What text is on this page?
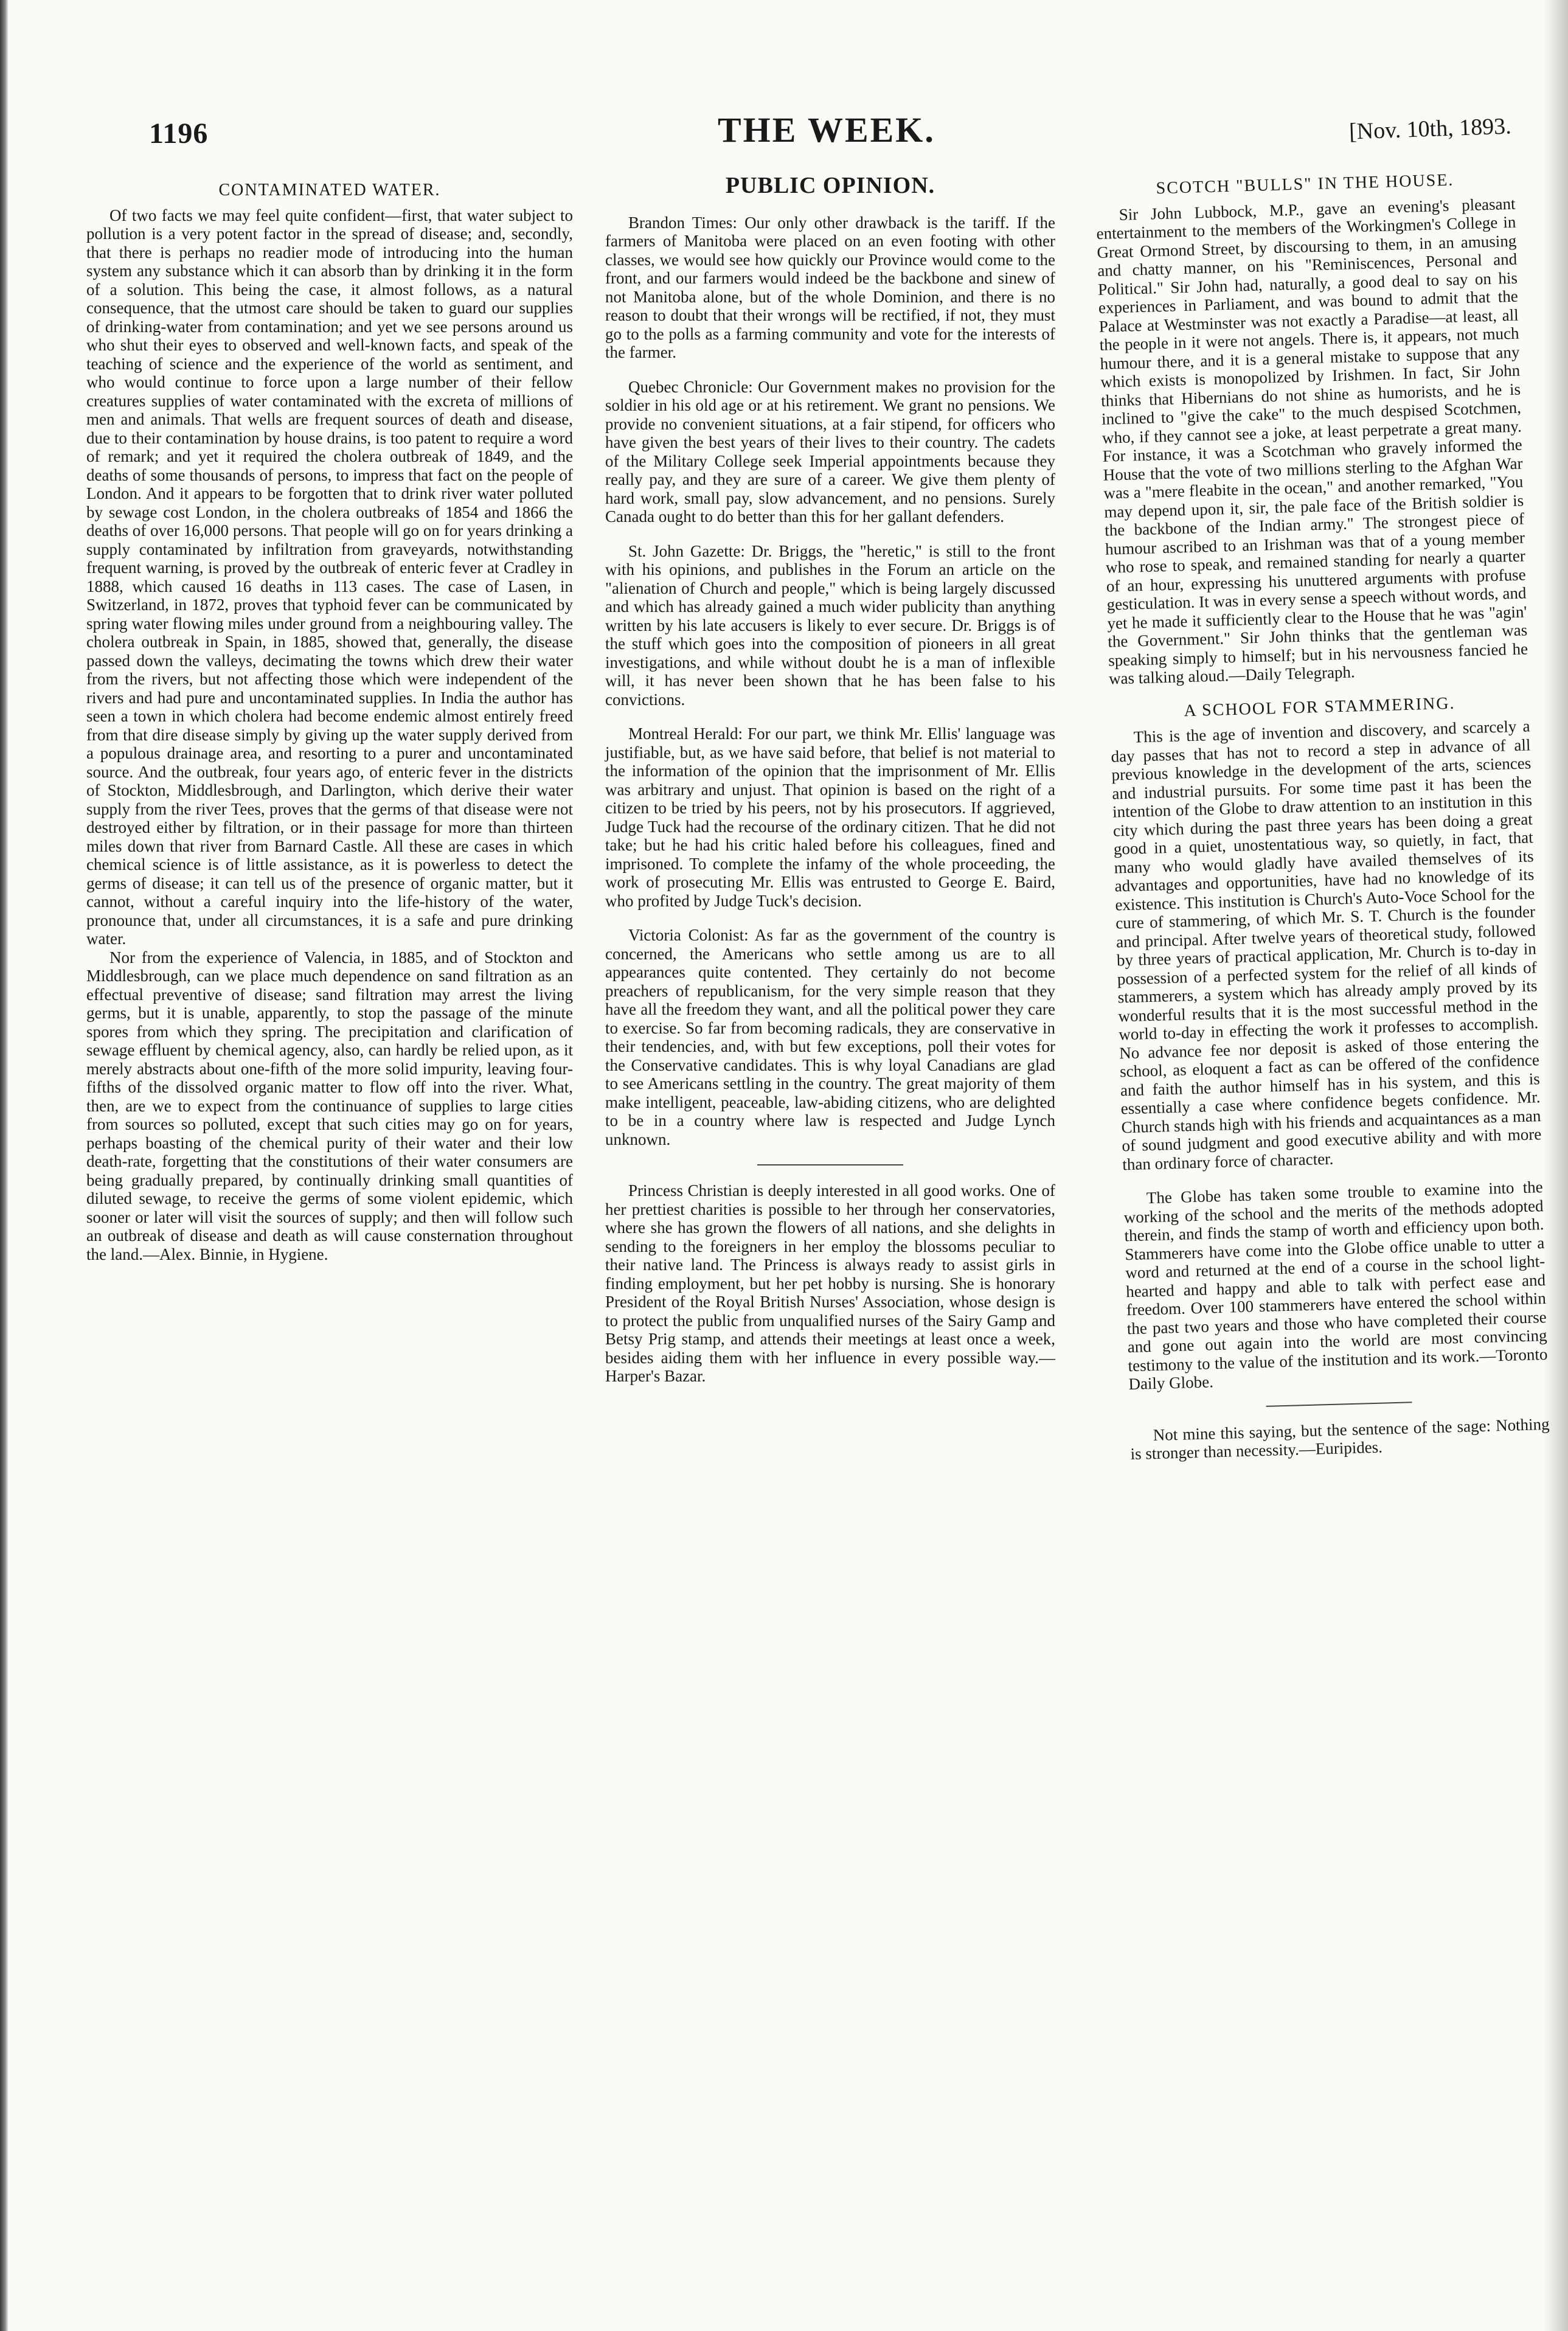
1196	THE WEEK.	[Nov. 10th, 1893.
CONTAMINATED WATER.

Of two facts we may feel quite confident—first, that water subject to pollution is a very potent factor in the spread of disease; and, secondly, that there is perhaps no readier mode of introducing into the human system any substance which it can absorb than by drinking it in the form of a solution. This being the case, it almost follows, as a natural consequence, that the utmost care should be taken to guard our supplies of drinking-water from contamination; and yet we see persons around us who shut their eyes to observed and well-known facts, and speak of the teaching of science and the experience of the world as sentiment, and who would continue to force upon a large number of their fellow creatures supplies of water contaminated with the excreta of millions of men and animals. That wells are frequent sources of death and disease, due to their contamination by house drains, is too patent to require a word of remark; and yet it required the cholera outbreak of 1849, and the deaths of some thousands of persons, to impress that fact on the people of London. And it appears to be forgotten that to drink river water polluted by sewage cost London, in the cholera outbreaks of 1854 and 1866 the deaths of over 16,000 persons. That people will go on for years drinking a supply contaminated by infiltration from graveyards, notwithstanding frequent warning, is proved by the outbreak of enteric fever at Cradley in 1888, which caused 16 deaths in 113 cases. The case of Lasen, in Switzerland, in 1872, proves that typhoid fever can be communicated by spring water flowing miles under ground from a neighbouring valley. The cholera outbreak in Spain, in 1885, showed that, generally, the disease passed down the valleys, decimating the towns which drew their water from the rivers, but not affecting those which were independent of the rivers and had pure and uncontaminated supplies. In India the author has seen a town in which cholera had become endemic almost entirely freed from that dire disease simply by giving up the water supply derived from a populous drainage area, and resorting to a purer and uncontaminated source. And the outbreak, four years ago, of enteric fever in the districts of Stockton, Middlesbrough, and Darlington, which derive their water supply from the river Tees, proves that the germs of that disease were not destroyed either by filtration, or in their passage for more than thirteen miles down that river from Barnard Castle. All these are cases in which chemical science is of little assistance, as it is powerless to detect the germs of disease; it can tell us of the presence of organic matter, but it cannot, without a careful inquiry into the life-history of the water, pronounce that, under all circumstances, it is a safe and pure drinking water.

Nor from the experience of Valencia, in 1885, and of Stockton and Middlesbrough, can we place much dependence on sand filtration as an effectual preventive of disease; sand filtration may arrest the living germs, but it is unable, apparently, to stop the passage of the minute spores from which they spring. The precipitation and clarification of sewage effluent by chemical agency, also, can hardly be relied upon, as it merely abstracts about one-fifth of the more solid impurity, leaving four-fifths of the dissolved organic matter to flow off into the river. What, then, are we to expect from the continuance of supplies to large cities from sources so polluted, except that such cities may go on for years, perhaps boasting of the chemical purity of their water and their low death-rate, forgetting that the constitutions of their water consumers are being gradually prepared, by continually drinking small quantities of diluted sewage, to receive the germs of some violent epidemic, which sooner or later will visit the sources of supply; and then will follow such an outbreak of disease and death as will cause consternation throughout the land.—Alex. Binnie, in Hygiene.

PUBLIC OPINION.

Brandon Times: Our only other drawback is the tariff. If the farmers of Manitoba were placed on an even footing with other classes, we would see how quickly our Province would come to the front, and our farmers would indeed be the backbone and sinew of not Manitoba alone, but of the whole Dominion, and there is no reason to doubt that their wrongs will be rectified, if not, they must go to the polls as a farming community and vote for the interests of the farmer.

Quebec Chronicle: Our Government makes no provision for the soldier in his old age or at his retirement. We grant no pensions. We provide no convenient situations, at a fair stipend, for officers who have given the best years of their lives to their country. The cadets of the Military College seek Imperial appointments because they really pay, and they are sure of a career. We give them plenty of hard work, small pay, slow advancement, and no pensions. Surely Canada ought to do better than this for her gallant defenders.

St. John Gazette: Dr. Briggs, the "heretic," is still to the front with his opinions, and publishes in the Forum an article on the "alienation of Church and people," which is being largely discussed and which has already gained a much wider publicity than anything written by his late accusers is likely to ever secure. Dr. Briggs is of the stuff which goes into the composition of pioneers in all great investigations, and while without doubt he is a man of inflexible will, it has never been shown that he has been false to his convictions.

Montreal Herald: For our part, we think Mr. Ellis' language was justifiable, but, as we have said before, that belief is not material to the information of the opinion that the imprisonment of Mr. Ellis was arbitrary and unjust. That opinion is based on the right of a citizen to be tried by his peers, not by his prosecutors. If aggrieved, Judge Tuck had the recourse of the ordinary citizen. That he did not take; but he had his critic haled before his colleagues, fined and imprisoned. To complete the infamy of the whole proceeding, the work of prosecuting Mr. Ellis was entrusted to George E. Baird, who profited by Judge Tuck's decision.

Victoria Colonist: As far as the government of the country is concerned, the Americans who settle among us are to all appearances quite contented. They certainly do not become preachers of republicanism, for the very simple reason that they have all the freedom they want, and all the political power they care to exercise. So far from becoming radicals, they are conservative in their tendencies, and, with but few exceptions, poll their votes for the Conservative candidates. This is why loyal Canadians are glad to see Americans settling in the country. The great majority of them make intelligent, peaceable, law-abiding citizens, who are delighted to be in a country where law is respected and Judge Lynch unknown.

Princess Christian is deeply interested in all good works. One of her prettiest charities is possible to her through her conservatories, where she has grown the flowers of all nations, and she delights in sending to the foreigners in her employ the blossoms peculiar to their native land. The Princess is always ready to assist girls in finding employment, but her pet hobby is nursing. She is honorary President of the Royal British Nurses' Association, whose design is to protect the public from unqualified nurses of the Sairy Gamp and Betsy Prig stamp, and attends their meetings at least once a week, besides aiding them with her influence in every possible way.—Harper's Bazar.

SCOTCH "BULLS" IN THE HOUSE.

Sir John Lubbock, M.P., gave an evening's pleasant entertainment to the members of the Workingmen's College in Great Ormond Street, by discoursing to them, in an amusing and chatty manner, on his "Reminiscences, Personal and Political." Sir John had, naturally, a good deal to say on his experiences in Parliament, and was bound to admit that the Palace at Westminster was not exactly a Paradise—at least, all the people in it were not angels. There is, it appears, not much humour there, and it is a general mistake to suppose that any which exists is monopolized by Irishmen. In fact, Sir John thinks that Hibernians do not shine as humorists, and he is inclined to "give the cake" to the much despised Scotchmen, who, if they cannot see a joke, at least perpetrate a great many. For instance, it was a Scotchman who gravely informed the House that the vote of two millions sterling to the Afghan War was a "mere fleabite in the ocean," and another remarked, "You may depend upon it, sir, the pale face of the British soldier is the backbone of the Indian army." The strongest piece of humour ascribed to an Irishman was that of a young member who rose to speak, and remained standing for nearly a quarter of an hour, expressing his unuttered arguments with profuse gesticulation. It was in every sense a speech without words, and yet he made it sufficiently clear to the House that he was "agin' the Government." Sir John thinks that the gentleman was speaking simply to himself; but in his nervousness fancied he was talking aloud.—Daily Telegraph.

A SCHOOL FOR STAMMERING.

This is the age of invention and discovery, and scarcely a day passes that has not to record a step in advance of all previous knowledge in the development of the arts, sciences and industrial pursuits. For some time past it has been the intention of the Globe to draw attention to an institution in this city which during the past three years has been doing a great good in a quiet, unostentatious way, so quietly, in fact, that many who would gladly have availed themselves of its advantages and opportunities, have had no knowledge of its existence. This institution is Church's Auto-Voce School for the cure of stammering, of which Mr. S. T. Church is the founder and principal. After twelve years of theoretical study, followed by three years of practical application, Mr. Church is to-day in possession of a perfected system for the relief of all kinds of stammerers, a system which has already amply proved by its wonderful results that it is the most successful method in the world to-day in effecting the work it professes to accomplish. No advance fee nor deposit is asked of those entering the school, as eloquent a fact as can be offered of the confidence and faith the author himself has in his system, and this is essentially a case where confidence begets confidence. Mr. Church stands high with his friends and acquaintances as a man of sound judgment and good executive ability and with more than ordinary force of character.

The Globe has taken some trouble to examine into the working of the school and the merits of the methods adopted therein, and finds the stamp of worth and efficiency upon both. Stammerers have come into the Globe office unable to utter a word and returned at the end of a course in the school light-hearted and happy and able to talk with perfect ease and freedom. Over 100 stammerers have entered the school within the past two years and those who have completed their course and gone out again into the world are most convincing testimony to the value of the institution and its work.—Toronto Daily Globe.

Not mine this saying, but the sentence of the sage: Nothing is stronger than necessity.—Euripides.
